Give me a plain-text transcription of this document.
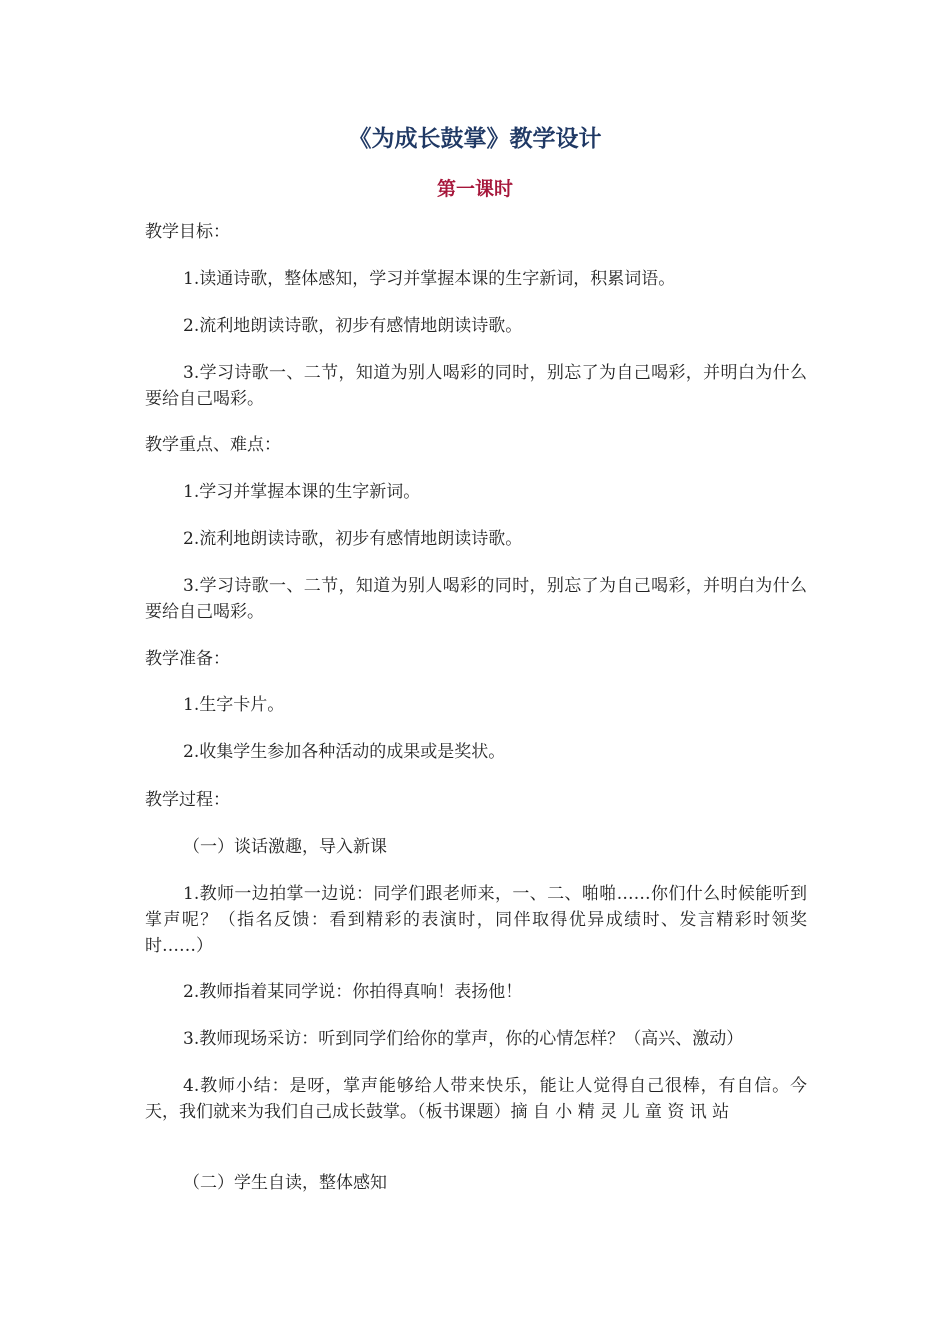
《为成长鼓掌》教学设计
第一课时

教学目标：

1.读通诗歌，整体感知，学习并掌握本课的生字新词，积累词语。

2.流利地朗读诗歌，初步有感情地朗读诗歌。

3.学习诗歌一、二节，知道为别人喝彩的同时，别忘了为自己喝彩，并明白为什么要给自己喝彩。

教学重点、难点：

1.学习并掌握本课的生字新词。

2.流利地朗读诗歌，初步有感情地朗读诗歌。

3.学习诗歌一、二节，知道为别人喝彩的同时，别忘了为自己喝彩，并明白为什么要给自己喝彩。

教学准备：

1.生字卡片。

2.收集学生参加各种活动的成果或是奖状。

教学过程：

（一）谈话激趣，导入新课

1.教师一边拍掌一边说：同学们跟老师来，一、二、啪啪……你们什么时候能听到掌声呢？（指名反馈：看到精彩的表演时，同伴取得优异成绩时、发言精彩时领奖时……）

2.教师指着某同学说：你拍得真响！表扬他！

3.教师现场采访：听到同学们给你的掌声，你的心情怎样？（高兴、激动）

4.教师小结：是呀，掌声能够给人带来快乐，能让人觉得自己很棒，有自信。今天，我们就来为我们自己成长鼓掌。（板书课题）摘 自 小 精 灵 儿 童 资 讯 站

（二）学生自读，整体感知
